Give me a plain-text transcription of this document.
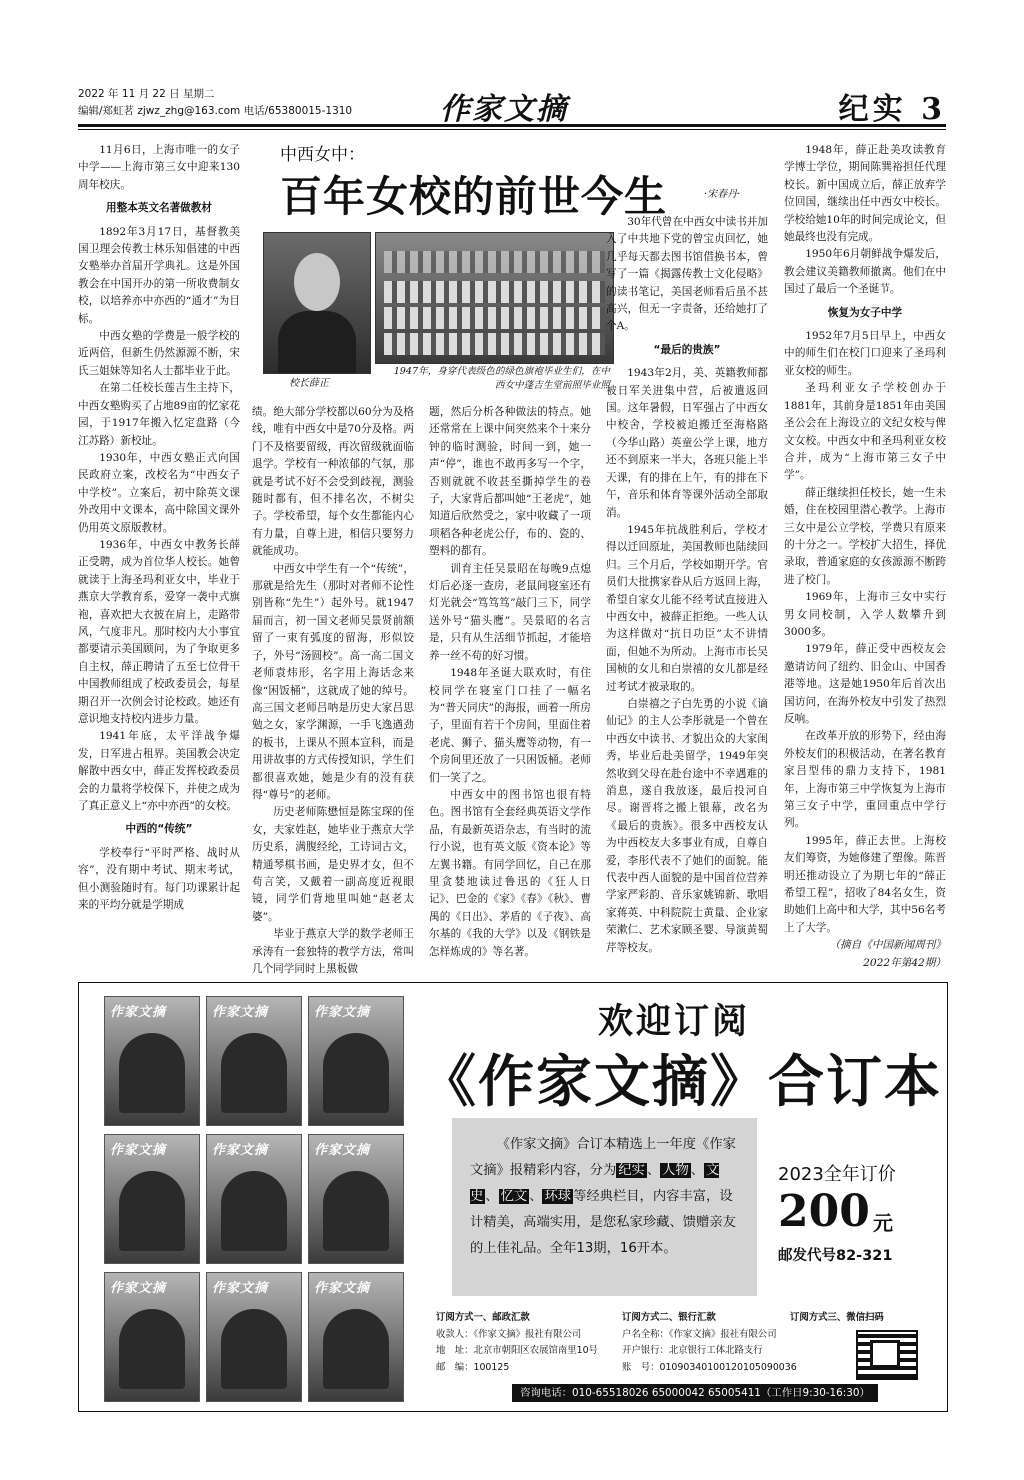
2022 年 11 月 22 日 星期二
编辑/郑虹茗 zjwz_zhg@163.com 电话/65380015-1310	作家文摘	纪实 3

11月6日，上海市唯一的女子中学——上海市第三女中迎来130周年校庆。

用整本英文名著做教材

1892年3月17日，基督教美国卫理会传教士林乐知倡建的中西女塾举办首届开学典礼。这是外国教会在中国开办的第一所收费制女校，以培养亦中亦西的“通才”为目标。

中西女塾的学费是一般学校的近两倍，但新生仍然源源不断，宋氏三姐妹等知名人士都毕业于此。

在第二任校长莲吉生主持下，中西女塾购买了占地89亩的忆家花园，于1917年搬入忆定盘路（今江苏路）新校址。

1930年，中西女塾正式向国民政府立案，改校名为“中西女子中学校”。立案后，初中除英文课外改用中文课本，高中除国文课外仍用英文原版教材。

1936年，中西女中教务长薛正受聘，成为首位华人校长。她曾就读于上海圣玛利亚女中，毕业于燕京大学教育系，爱穿一袭中式旗袍，喜欢把大衣披在肩上，走路带风，气度非凡。那时校内大小事宜都要请示美国顾问，为了争取更多自主权，薛正聘请了五至七位骨干中国教师组成了校政委员会，每星期召开一次例会讨论校政。她还有意识地支持校内进步力量。

1941年底，太平洋战争爆发，日军进占租界。美国教会决定解散中西女中，薛正发挥校政委员会的力量将学校保下，并使之成为了真正意义上“亦中亦西”的女校。

中西的“传统”

学校奉行“平时严格、战时从容”，没有期中考试、期末考试，但小测验随时有。每门功课累计起来的平均分就是学期成

中西女中：
百年女校的前世今生	·宋春丹·
校长薛正
1947年，身穿代表级色的绿色旗袍毕业生们，在中西女中蓬吉生堂前照毕业照

绩。绝大部分学校都以60分为及格线，唯有中西女中是70分及格。两门不及格要留级，再次留级就面临退学。学校有一种浓郁的气氛，那就是考试不好不会受到歧视，测验随时都有，但不排名次，不树尖子。学校希望，每个女生都能内心有力量，自尊上进，相信只要努力就能成功。

中西女中学生有一个“传统”，那就是给先生（那时对者师不论性别皆称“先生”）起外号。就1947届而言，初一国文老师吴景贤前额留了一束有弧度的留海，形似饺子，外号“汤圆校”。高一高二国文老师袁炜形，名字用上海话念来像“困饭桶”，这就成了她的绰号。高三国文老师吕呐是历史大家吕思勉之女，家学渊源，一手飞逸遒劲的板书，上课从不照本宣科，而是用讲故事的方式传授知识，学生们都很喜欢她，她是少有的没有获得“尊号”的老师。

历史老师陈懋恒是陈宝琛的侄女，夫家姓赵，她毕业于燕京大学历史系，满腹经纶，工诗词古文，精通琴棋书画，是史界才女，但不苟言笑，又戴着一副高度近视眼镜，同学们背地里叫她“赵老太婆”。

毕业于燕京大学的数学老师王承涛有一套独特的教学方法，常叫几个同学同时上黑板做

题，然后分析各种做法的特点。她还常常在上课中间突然来个十来分钟的临时测验，时间一到，她一声“停”，谁也不敢再多写一个字，否则就就不收甚至撕掉学生的卷子，大家背后都叫她“王老虎”，她知道后欣然受之，家中收藏了一项项稻各种老虎公仔，布的、瓷的、塑料的都有。

训育主任吴景昭在每晚9点熄灯后必逐一查房，老鼠间寝室还有灯光就会“笃笃笃”敲门三下，同学送外号“猫头鹰”。吴景昭的名言是，只有从生活细节抓起，才能培养一丝不苟的好习惯。

1948年圣诞大联欢时，有住校同学在寝室门口挂了一幅名为“普天同庆”的海报，画着一所房子，里面有若干个房间，里面住着老虎、狮子、猫头鹰等动物，有一个房间里还放了一只困饭桶。老师们一笑了之。

中西女中的图书馆也很有特色。图书馆有全套经典英语文学作品，有最新英语杂志，有当时的流行小说，也有英文版《资本论》等左翼书籍。有同学回忆，自己在那里贪婪地读过鲁迅的《狂人日记》、巴金的《家》《春》《秋》、曹禺的《日出》、茅盾的《子夜》、高尔基的《我的大学》以及《钢铁是怎样炼成的》等名著。

30年代曾在中西女中读书并加入了中共地下党的曾宝贞回忆，她几乎每天都去图书馆借换书本，曾写了一篇《揭露传教士文化侵略》的读书笔记，美国老师看后虽不甚高兴，但无一字责备，还给她打了个A。

“最后的贵族”

1943年2月，美、英籍教师都被日军关进集中营，后被遣返回国。这年暑假，日军强占了中西女中校舍，学校被迫搬迁至海格路（今华山路）英童公学上课，地方还不到原来一半大，各班只能上半天课，有的排在上午，有的排在下午，音乐和体育等课外活动全部取消。

1945年抗战胜利后，学校才得以迁回原址，美国教师也陆续回归。三个月后，学校如期开学。官员们大批携家眷从后方返回上海，希望自家女儿能不经考试直接进入中西女中，被薛正拒绝。一些人认为这样做对“抗日功臣”太不讲情面，但她不为所动。上海市市长吴国桢的女儿和白崇禧的女儿都是经过考试才被录取的。

白崇禧之子白先勇的小说《谪仙记》的主人公李彤就是一个曾在中西女中读书、才貌出众的大家闺秀，毕业后赴美留学，1949年突然收到父母在赴台途中不幸遇难的消息，遂自我放逐，最后投河自尽。谢晋将之搬上银幕，改名为《最后的贵族》。很多中西校友认为中西校友大多事业有成，自尊自爱，李彤代表不了她们的面貌。能代表中西人面貌的是中国首位营养学家严彩韵、音乐家姚锦新、歌唱家蒋英、中科院院士黄量、企业家荣漱仁、艺术家顾圣婴、导演黄蜀芹等校友。

1948年，薛正赴美攻读教育学博士学位，期间陈巽裕担任代理校长。新中国成立后，薛正放弃学位回国，继续出任中西女中校长。学校给她10年的时间完成论文，但她最终也没有完成。

1950年6月朝鲜战争爆发后，教会建议美籍教师撤离。他们在中国过了最后一个圣诞节。

恢复为女子中学

1952年7月5日早上，中西女中的师生们在校门口迎来了圣玛利亚女校的师生。

圣玛利亚女子学校创办于1881年，其前身是1851年由美国圣公会在上海设立的文纪女校与俾文女校。中西女中和圣玛利亚女校合并，成为“上海市第三女子中学”。

薛正继续担任校长，她一生未婚，住在校园里潜心教学。上海市三女中是公立学校，学费只有原来的十分之一。学校扩大招生，择优录取，普通家庭的女孩源源不断跨进了校门。

1969年，上海市三女中实行男女同校制，入学人数攀升到3000多。

1979年，薛正受中西校友会邀请访问了纽约、旧金山、中国香港等地。这是她1950年后首次出国访问，在海外校友中引发了热烈反响。

在改革开放的形势下，经由海外校友们的积极活动，在著名教育家吕型伟的鼎力支持下，1981年，上海市第三中学恢复为上海市第三女子中学，重回重点中学行列。

1995年，薛正去世。上海校友们筹资，为她修建了塑像。陈晋明还推动设立了为期七年的“薛正希望工程”，招收了84名女生，资助她们上高中和大学，其中56名考上了大学。

（摘自《中国新闻周刊》

2022年第42期）

作家文摘	作家文摘	作家文摘
作家文摘	作家文摘	作家文摘
作家文摘	作家文摘	作家文摘
欢迎订阅
《作家文摘》合订本
《作家文摘》合订本精选上一年度《作家文摘》报精彩内容，分为 纪实 、 人物 、 文史 、 忆文 、 环球 等经典栏目，内容丰富，设计精美，高端实用，是您私家珍藏、馈赠亲友的上佳礼品。全年13期，16开本。
2023全年订价
200 元
邮发代号82-321
订阅方式一、邮政汇款
收款人：《作家文摘》报社有限公司
地　址：北京市朝阳区农展馆南里10号
邮　编：100125
订阅方式二、银行汇款
户名全称：《作家文摘》报社有限公司
开户银行：北京银行工体北路支行
账　号：01090340100120105090036
订阅方式三、微信扫码
咨询电话：010-65518026 65000042 65005411（工作日9:30-16:30）
